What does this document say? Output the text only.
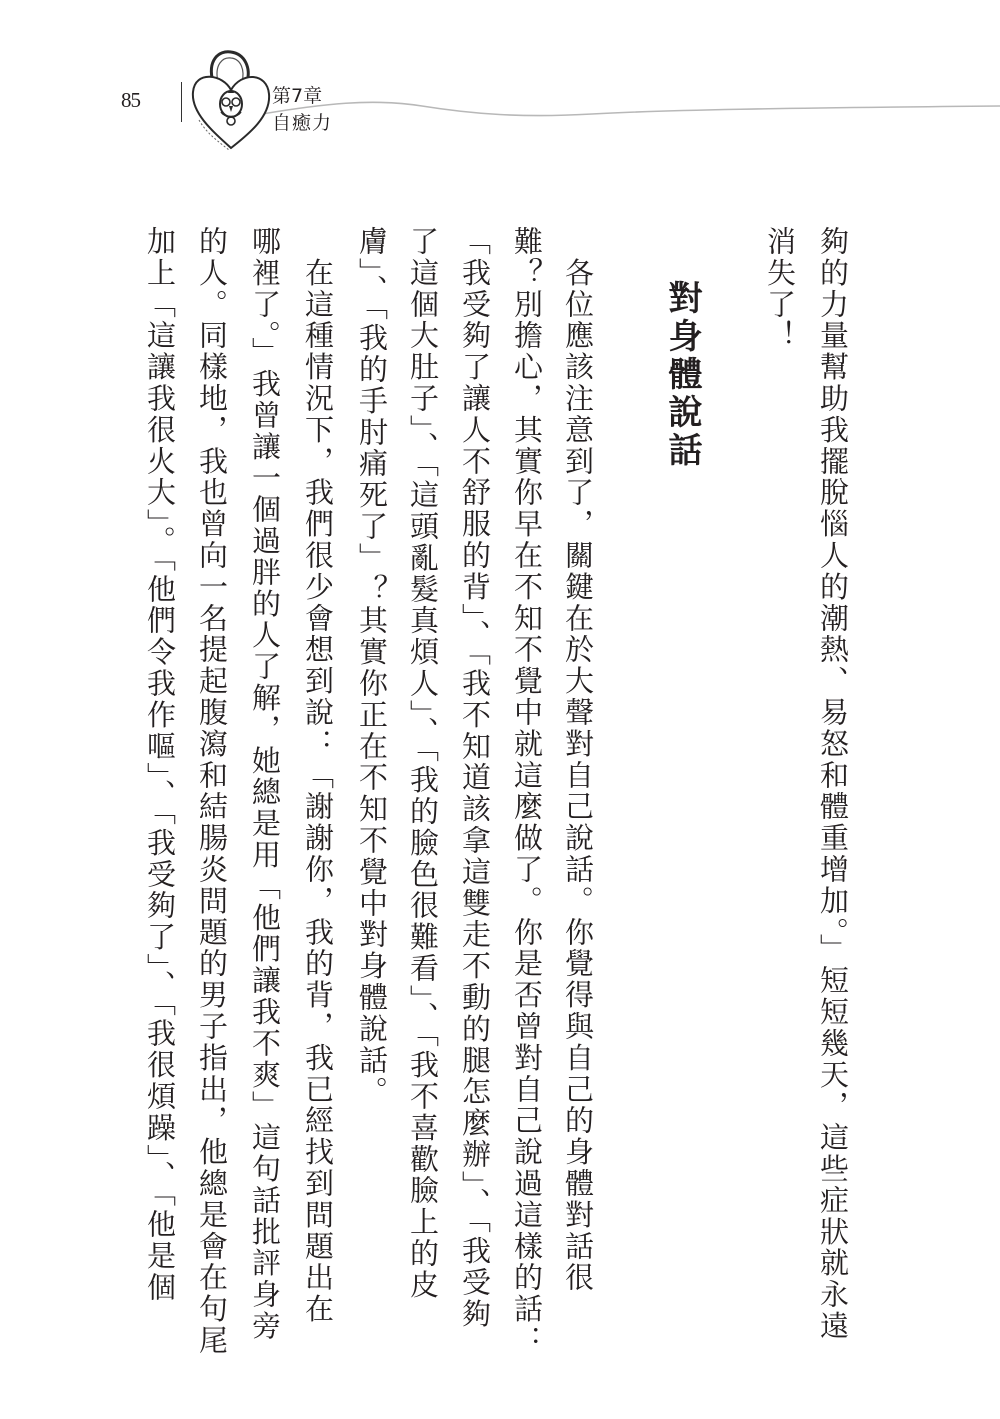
85	第7章
自癒力
夠的力量幫助我擺脫惱人的潮熱、易怒和體重增加。」短短幾天，這些症狀就永遠
消失了！
對身體說話
　各位應該注意到了，關鍵在於大聲對自己說話。你覺得與自己的身體對話很
難？別擔心，其實你早在不知不覺中就這麼做了。你是否曾對自己說過這樣的話：
「我受夠了讓人不舒服的背」、「我不知道該拿這雙走不動的腿怎麼辦」、「我受夠
了這個大肚子」、「這頭亂髮真煩人」、「我的臉色很難看」、「我不喜歡臉上的皮
膚」、「我的手肘痛死了」？其實你正在不知不覺中對身體說話。
　在這種情況下，我們很少會想到說：「謝謝你，我的背，我已經找到問題出在
哪裡了。」我曾讓一個過胖的人了解，她總是用「他們讓我不爽」這句話批評身旁
的人。同樣地，我也曾向一名提起腹瀉和結腸炎問題的男子指出，他總是會在句尾
加上「這讓我很火大」。「他們令我作嘔」、「我受夠了」、「我很煩躁」、「他是個
